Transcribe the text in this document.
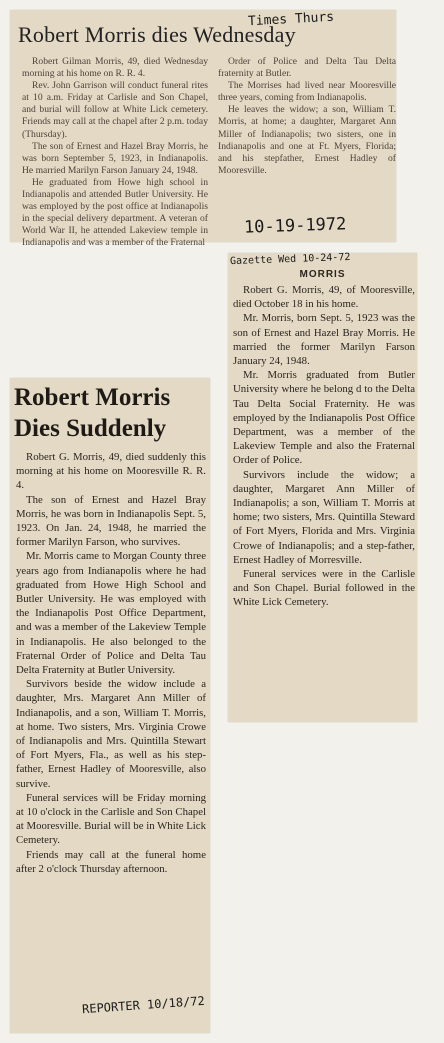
Robert Morris dies Wednesday

Times Thurs

Robert Gilman Morris, 49, died Wednesday morning at his home on R. R. 4.

Rev. John Garrison will conduct funeral rites at 10 a.m. Friday at Carlisle and Son Chapel, and burial will follow at White Lick cemetery. Friends may call at the chapel after 2 p.m. today (Thursday).

The son of Ernest and Hazel Bray Morris, he was born September 5, 1923, in Indianapolis. He married Marilyn Farson January 24, 1948.

He graduated from Howe high school in Indianapolis and attended Butler University. He was employed by the post office at Indianapolis in the special delivery department. A veteran of World War II, he attended Lakeview temple in Indianapolis and was a member of the Fraternal

Order of Police and Delta Tau Delta fraternity at Butler.

The Morrises had lived near Mooresville three years, coming from Indianapolis.

He leaves the widow; a son, William T. Morris, at home; a daughter, Margaret Ann Miller of Indianapolis; two sisters, one in Indianapolis and one at Ft. Myers, Florida; and his stepfather, Ernest Hadley of Mooresville.

10-19-1972

Gazette Wed 10-24-72

MORRIS

Robert G. Morris, 49, of Mooresville, died October 18 in his home.

Mr. Morris, born Sept. 5, 1923 was the son of Ernest and Hazel Bray Morris. He married the former Marilyn Farson January 24, 1948.

Mr. Morris graduated from Butler University where he belong d to the Delta Tau Delta Social Fraternity. He was employed by the Indianapolis Post Office Department, was a member of the Lakeview Temple and also the Fraternal Order of Police.

Survivors include the widow; a daughter, Margaret Ann Miller of Indianapolis; a son, William T. Morris at home; two sisters, Mrs. Quintilla Steward of Fort Myers, Florida and Mrs. Virginia Crowe of Indianapolis; and a step-father, Ernest Hadley of Morresville.

Funeral services were in the Carlisle and Son Chapel. Burial followed in the White Lick Cemetery.

Robert Morris
Dies Suddenly

Robert G. Morris, 49, died suddenly this morning at his home on Mooresville R. R. 4.

The son of Ernest and Hazel Bray Morris, he was born in Indianapolis Sept. 5, 1923. On Jan. 24, 1948, he married the former Marilyn Farson, who survives.

Mr. Morris came to Morgan County three years ago from Indianapolis where he had graduated from Howe High School and Butler University. He was employed with the Indianapolis Post Office Department, and was a member of the Lakeview Temple in Indianapolis. He also belonged to the Fraternal Order of Police and Delta Tau Delta Fraternity at Butler University.

Survivors beside the widow include a daughter, Mrs. Margaret Ann Miller of Indianapolis, and a son, William T. Morris, at home. Two sisters, Mrs. Virginia Crowe of Indianapolis and Mrs. Quintilla Stewart of Fort Myers, Fla., as well as his step-father, Ernest Hadley of Mooresville, also survive.

Funeral services will be Friday morning at 10 o'clock in the Carlisle and Son Chapel at Mooresville. Burial will be in White Lick Cemetery.

Friends may call at the funeral home after 2 o'clock Thursday afternoon.

REPORTER 10/18/72
